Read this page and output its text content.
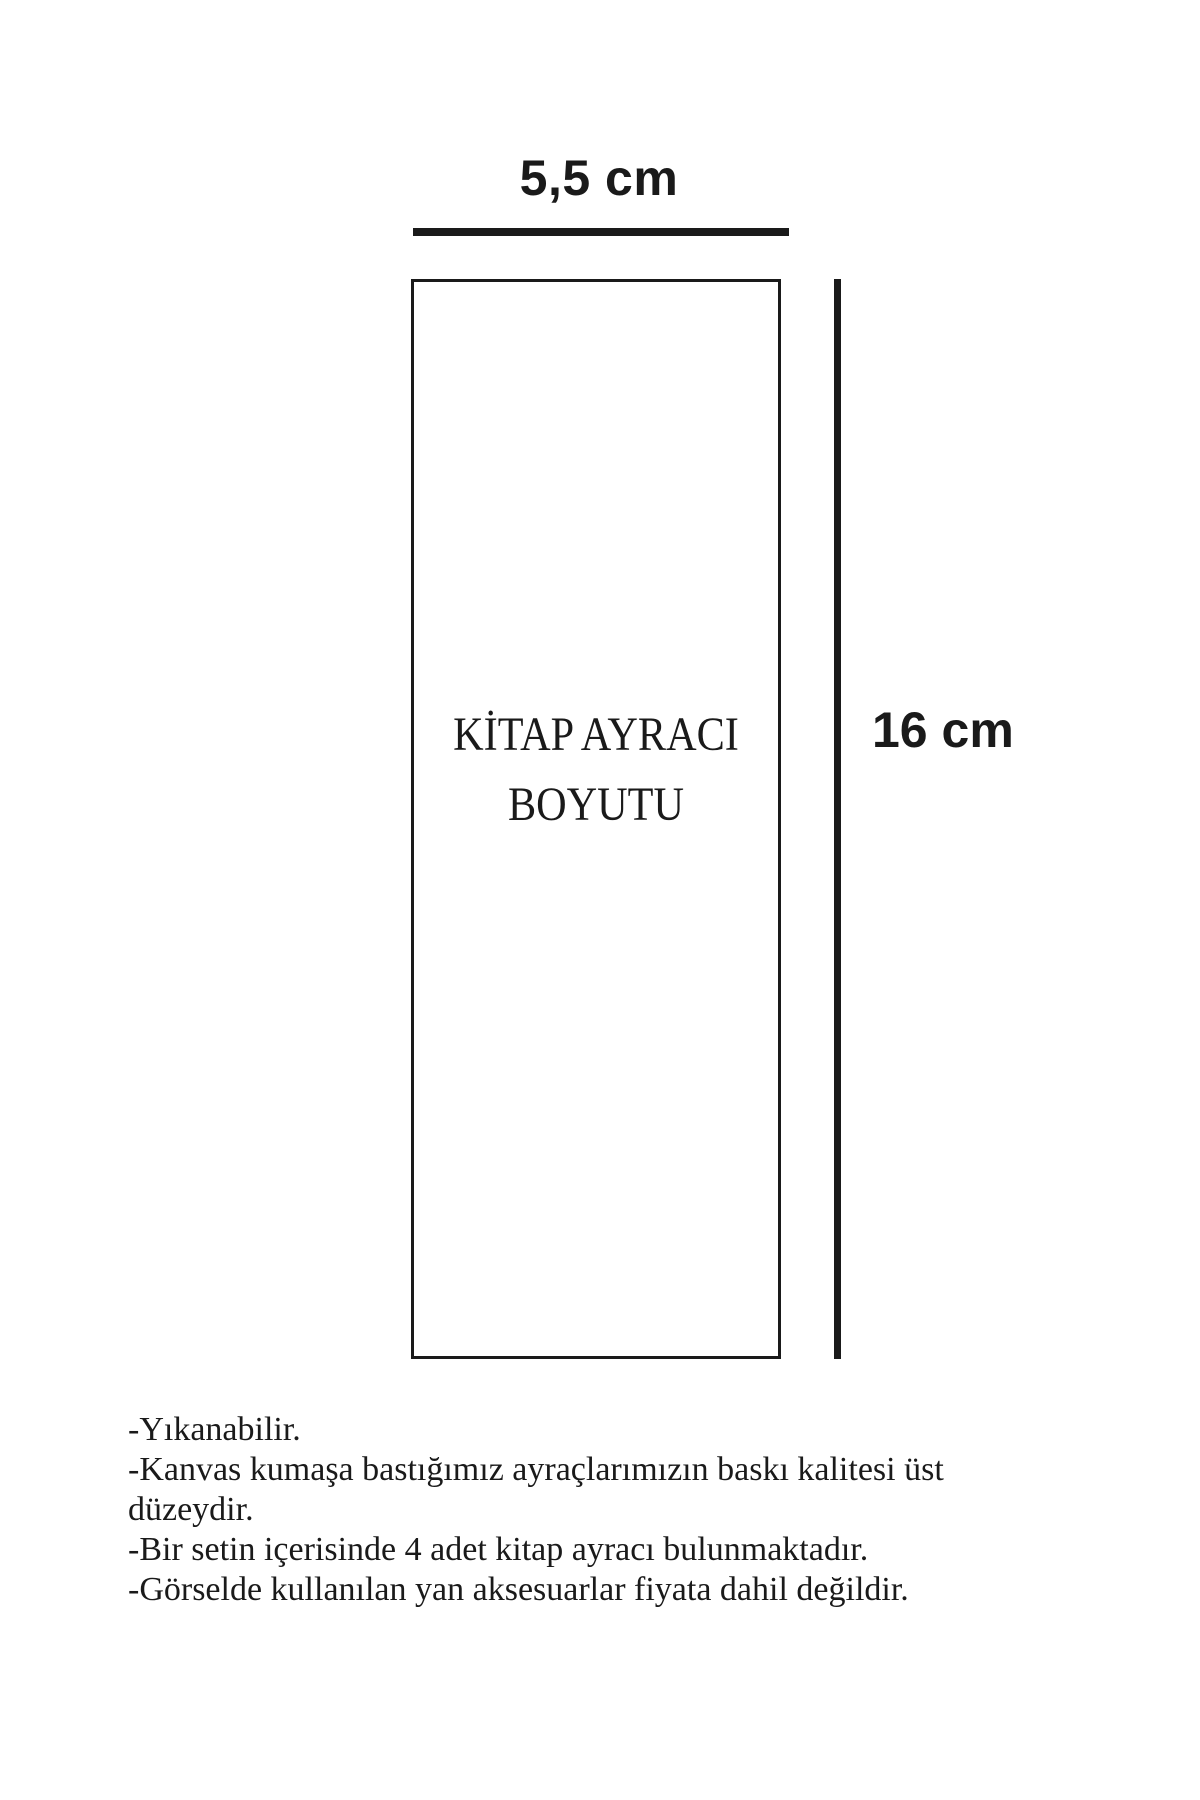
5,5 cm
KİTAP AYRACI
BOYUTU
16 cm
-Yıkanabilir.
-Kanvas kumaşa bastığımız ayraçlarımızın baskı kalitesi üst
düzeydir.
-Bir setin içerisinde 4 adet kitap ayracı bulunmaktadır.
-Görselde kullanılan yan aksesuarlar fiyata dahil değildir.
